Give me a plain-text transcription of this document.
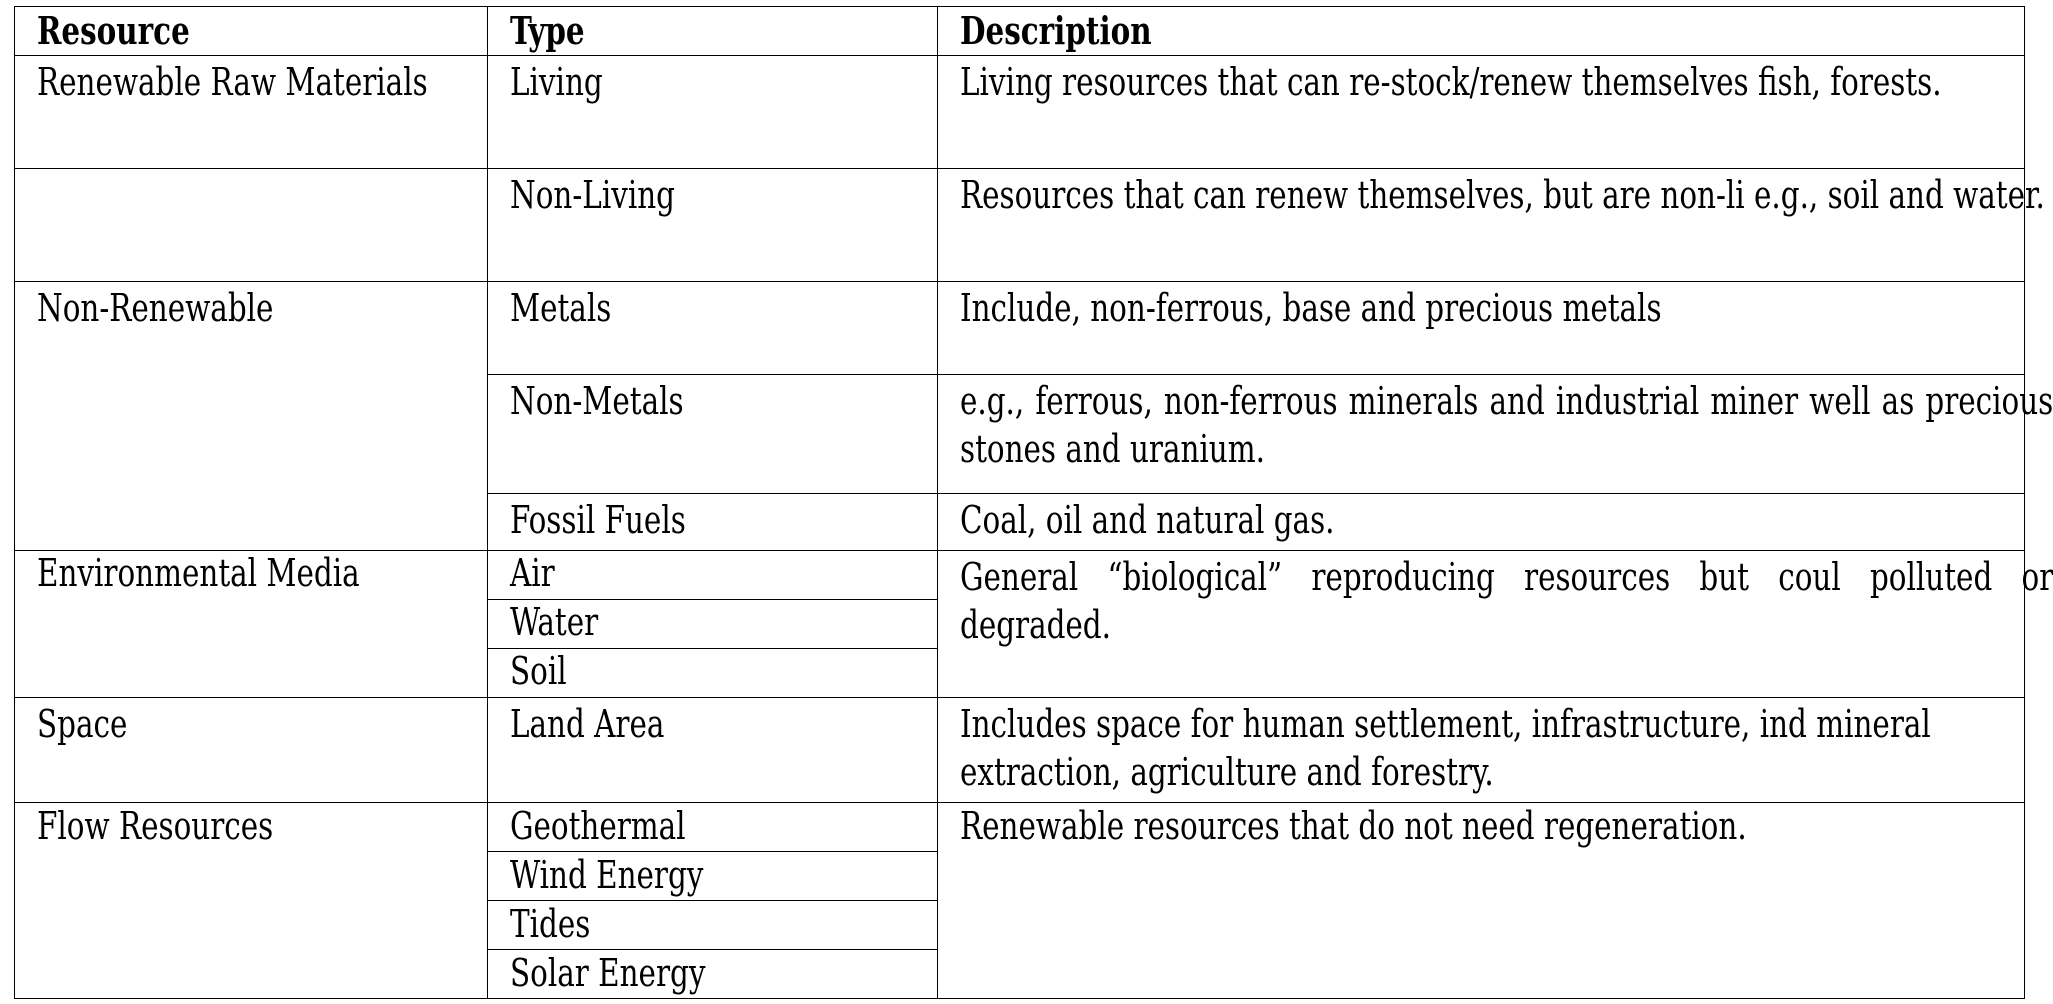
Resource	Type	Description

Renewable Raw Materials	Living	Living resources that can re-stock/renew themselves fish, forests.

	Non-Living	Resources that can renew themselves, but are non-li e.g., soil and water.

Non-Renewable	Metals	Include, non-ferrous, base and precious metals
	Non-Metals	e.g., ferrous, non-ferrous minerals and industrial miner well as precious stones and uranium.

	Fossil Fuels	Coal, oil and natural gas.
Environmental Media	Air	General “biological” reproducing resources but coul polluted or degraded.

	Water	
	Soil	
Space	Land Area	Includes space for human settlement, infrastructure, ind mineral extraction, agriculture and forestry.

Flow Resources	Geothermal	Renewable resources that do not need regeneration.
	Wind Energy	
	Tides	
	Solar Energy	
